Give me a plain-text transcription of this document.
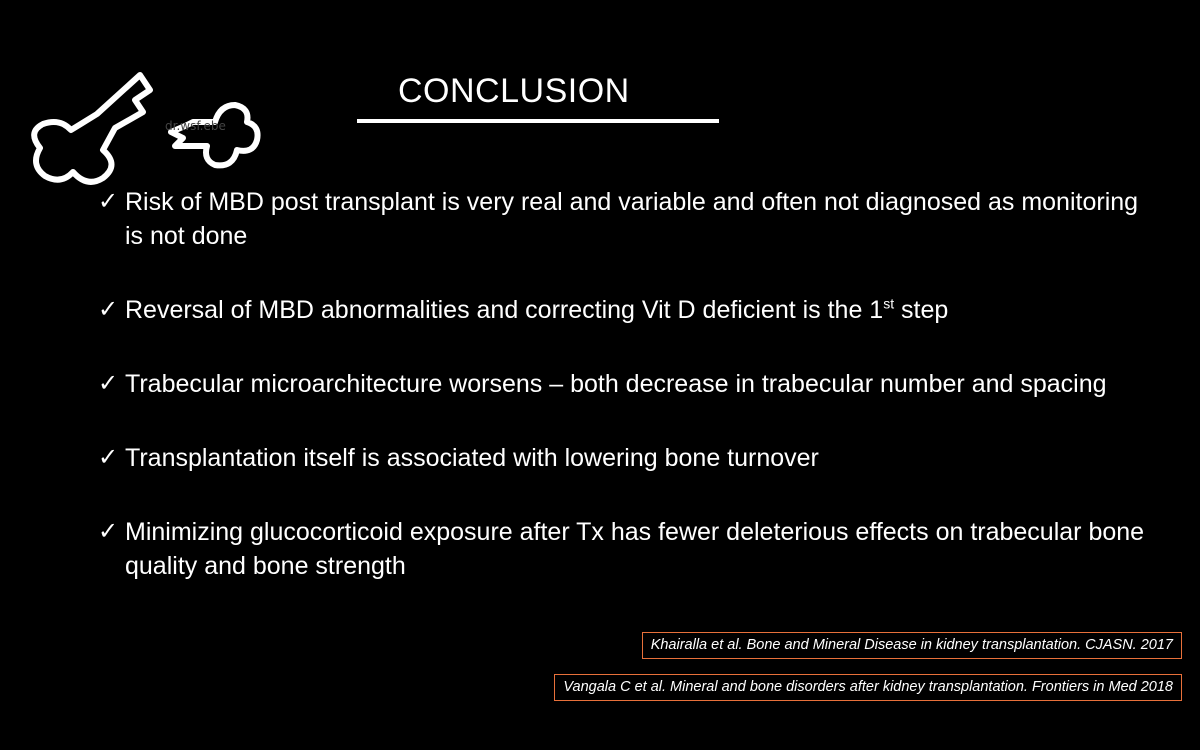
dr.wsf.ebe
CONCLUSION
✓ Risk of MBD post transplant is very real and variable and often not diagnosed as monitoring is not done
✓ Reversal of MBD abnormalities and correcting Vit D deficient is the 1st step
✓ Trabecular microarchitecture worsens – both decrease in trabecular number and spacing
✓ Transplantation itself is associated with lowering bone turnover
✓ Minimizing glucocorticoid exposure after Tx has fewer deleterious effects on trabecular bone quality and bone strength
Khairalla et al. Bone and Mineral Disease in kidney transplantation. CJASN. 2017
Vangala C et al. Mineral and bone disorders after kidney transplantation. Frontiers in Med 2018
